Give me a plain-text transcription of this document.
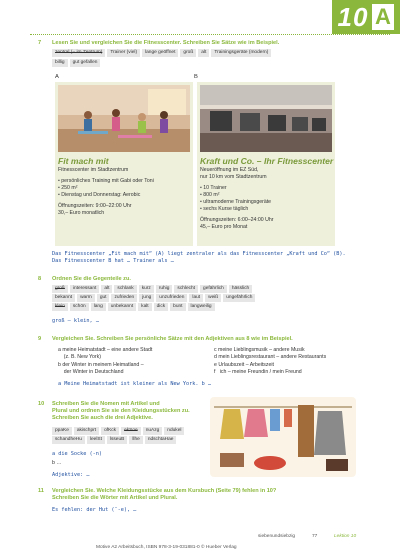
10 A
7 Lesen Sie und vergleichen Sie die Fitnesscenter. Schreiben Sie Sätze wie im Beispiel.
zentral (= im Zentrum)	Trainer (viel)	lange geöffnet	groß	alt	Trainingsgeräte (modern)
billig	gut gefallen
A	B
Fit mach mit
Fitnesscenter im Stadtzentrum
▪ persönliches Training mit Gabi oder Toni
▪ 250 m²
▪ Dienstag und Donnerstag: Aerobic
Öffnungszeiten: 9:00–22:00 Uhr
30,– Euro monatlich
Kraft und Co. – Ihr Fitnesscenter
Neueröffnung im EZ Süd,
nur 10 km vom Stadtzentrum
▪ 10 Trainer
▪ 800 m²
▪ ultramoderne Trainingsgeräte
▪ sechs Kurse täglich
Öffnungszeiten: 6:00–24:00 Uhr
45,– Euro pro Monat
Das Fitnesscenter „Fit mach mit“ (A) liegt zentraler als das Fitnesscenter „Kraft und Co“ (B).
Das Fitnesscenter B hat … Trainer als …
8 Ordnen Sie die Gegenteile zu.
groß	interessant	alt	schlank	kurz	ruhig	schlecht	gefährlich	hässlich
bekannt	warm	gut	zufrieden	jung	unzufrieden	laut	weiß	ungefährlich
klein	schön	lang	unbekannt	kalt	dick	bunt	langweilig
groß – klein, …
9 Vergleichen Sie. Schreiben Sie persönliche Sätze mit den Adjektiven aus 8 wie im Beispiel.
a meine Heimatstadt – eine andere Stadt
(z. B. New York)
b der Winter in meinem Heimatland –
der Winter in Deutschland
c meine Lieblingsmusik – andere Musik
d mein Lieblingsrestaurant – andere Restaurants
e Urlaubszeit – Arbeitszeit
f   ich – meine Freundin / mein Freund
a Meine Heimatstadt ist kleiner als New York. b …
10 Schreiben Sie die Nomen mit Artikel und
Plural und ordnen Sie sie den Kleidungsstücken zu.
Schreiben Sie auch die drei Adjektive.
ppaKe	akischprt	ofKck	ekSoe	nuAzg	ndukel
schandheHu	leelSt	lsseuB	llhe	ndschtaHae
a die Socke (-n)
b …
Adjektive: …
11 Vergleichen Sie. Welche Kleidungsstücke aus dem Kursbuch (Seite 79) fehlen in 10?
Schreiben Sie die Wörter mit Artikel und Plural.
Es fehlen: der Hut (¨-e), …
siebenundsiebzig	77	Lektion 10
Motive A2 Arbeitsbuch, ISBN 978-3-19-031881-0 © Hueber Verlag
